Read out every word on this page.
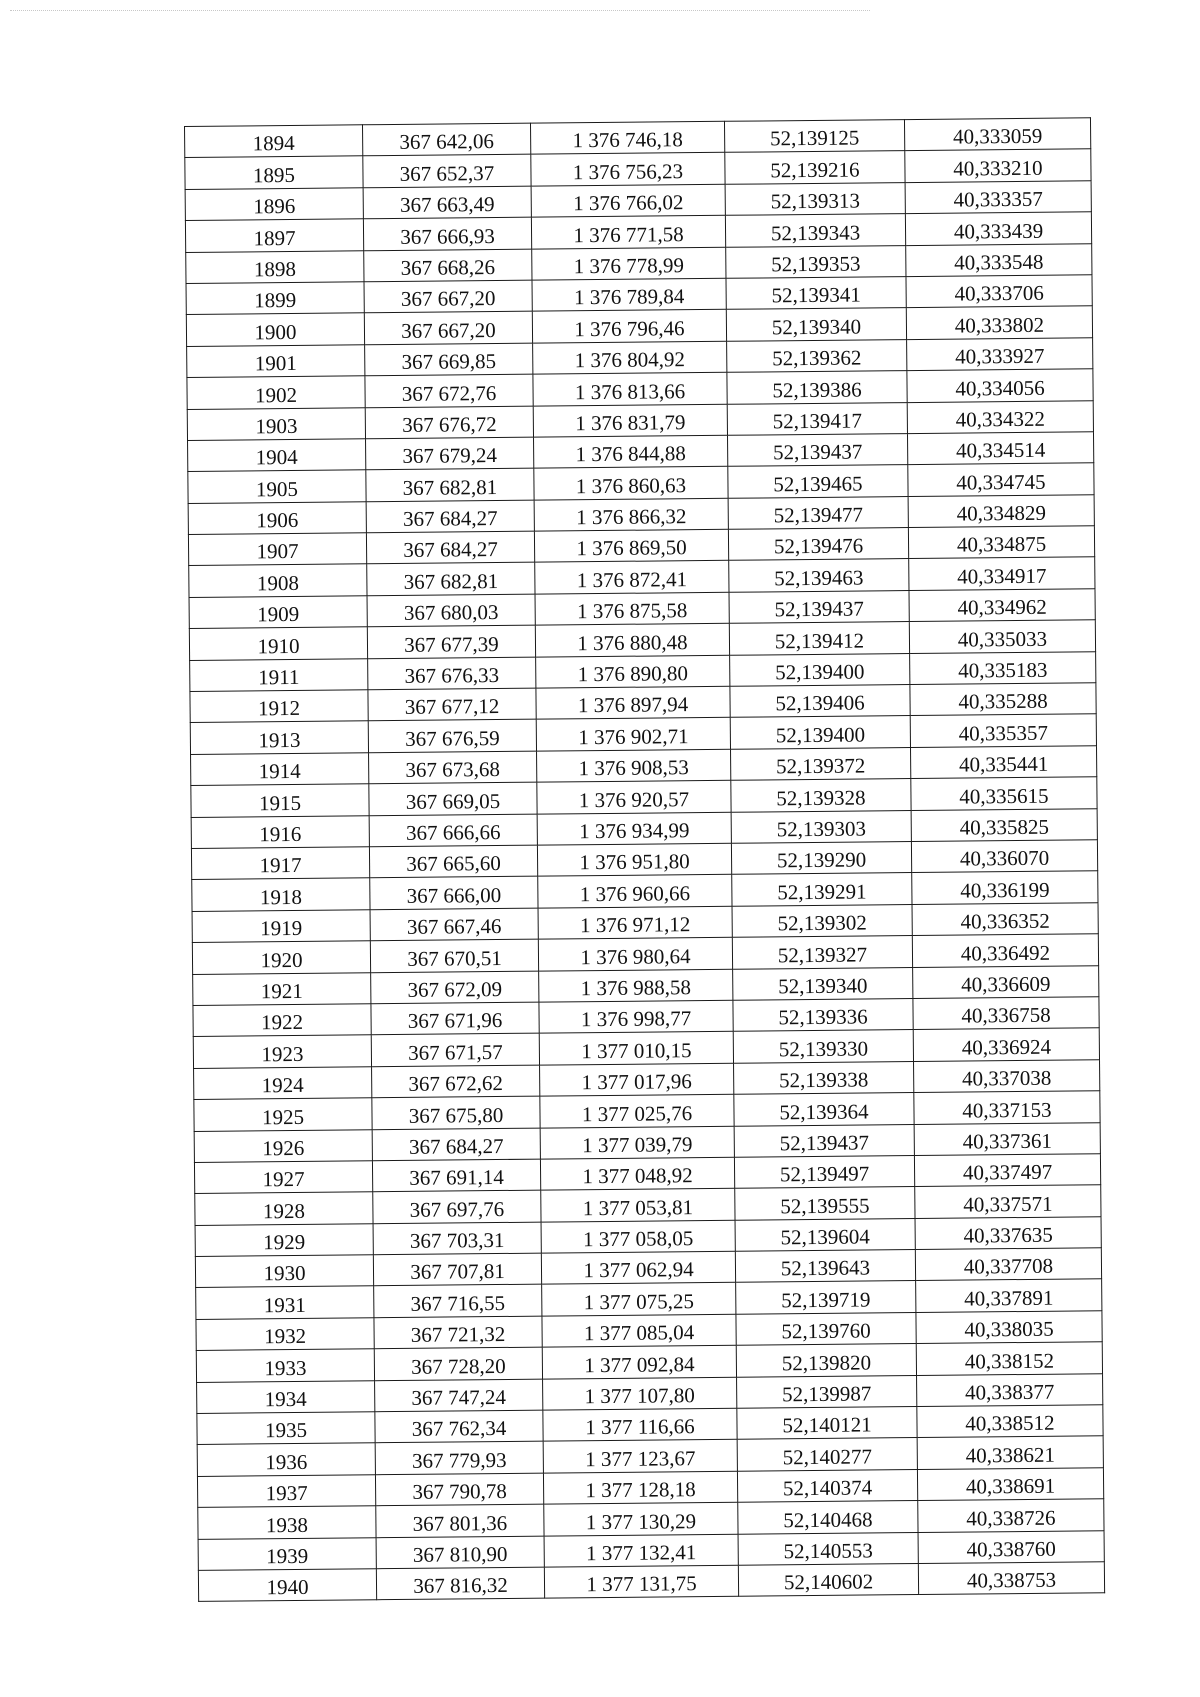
1894	367 642,06	1 376 746,18	52,139125	40,333059
1895	367 652,37	1 376 756,23	52,139216	40,333210
1896	367 663,49	1 376 766,02	52,139313	40,333357
1897	367 666,93	1 376 771,58	52,139343	40,333439
1898	367 668,26	1 376 778,99	52,139353	40,333548
1899	367 667,20	1 376 789,84	52,139341	40,333706
1900	367 667,20	1 376 796,46	52,139340	40,333802
1901	367 669,85	1 376 804,92	52,139362	40,333927
1902	367 672,76	1 376 813,66	52,139386	40,334056
1903	367 676,72	1 376 831,79	52,139417	40,334322
1904	367 679,24	1 376 844,88	52,139437	40,334514
1905	367 682,81	1 376 860,63	52,139465	40,334745
1906	367 684,27	1 376 866,32	52,139477	40,334829
1907	367 684,27	1 376 869,50	52,139476	40,334875
1908	367 682,81	1 376 872,41	52,139463	40,334917
1909	367 680,03	1 376 875,58	52,139437	40,334962
1910	367 677,39	1 376 880,48	52,139412	40,335033
1911	367 676,33	1 376 890,80	52,139400	40,335183
1912	367 677,12	1 376 897,94	52,139406	40,335288
1913	367 676,59	1 376 902,71	52,139400	40,335357
1914	367 673,68	1 376 908,53	52,139372	40,335441
1915	367 669,05	1 376 920,57	52,139328	40,335615
1916	367 666,66	1 376 934,99	52,139303	40,335825
1917	367 665,60	1 376 951,80	52,139290	40,336070
1918	367 666,00	1 376 960,66	52,139291	40,336199
1919	367 667,46	1 376 971,12	52,139302	40,336352
1920	367 670,51	1 376 980,64	52,139327	40,336492
1921	367 672,09	1 376 988,58	52,139340	40,336609
1922	367 671,96	1 376 998,77	52,139336	40,336758
1923	367 671,57	1 377 010,15	52,139330	40,336924
1924	367 672,62	1 377 017,96	52,139338	40,337038
1925	367 675,80	1 377 025,76	52,139364	40,337153
1926	367 684,27	1 377 039,79	52,139437	40,337361
1927	367 691,14	1 377 048,92	52,139497	40,337497
1928	367 697,76	1 377 053,81	52,139555	40,337571
1929	367 703,31	1 377 058,05	52,139604	40,337635
1930	367 707,81	1 377 062,94	52,139643	40,337708
1931	367 716,55	1 377 075,25	52,139719	40,337891
1932	367 721,32	1 377 085,04	52,139760	40,338035
1933	367 728,20	1 377 092,84	52,139820	40,338152
1934	367 747,24	1 377 107,80	52,139987	40,338377
1935	367 762,34	1 377 116,66	52,140121	40,338512
1936	367 779,93	1 377 123,67	52,140277	40,338621
1937	367 790,78	1 377 128,18	52,140374	40,338691
1938	367 801,36	1 377 130,29	52,140468	40,338726
1939	367 810,90	1 377 132,41	52,140553	40,338760
1940	367 816,32	1 377 131,75	52,140602	40,338753
